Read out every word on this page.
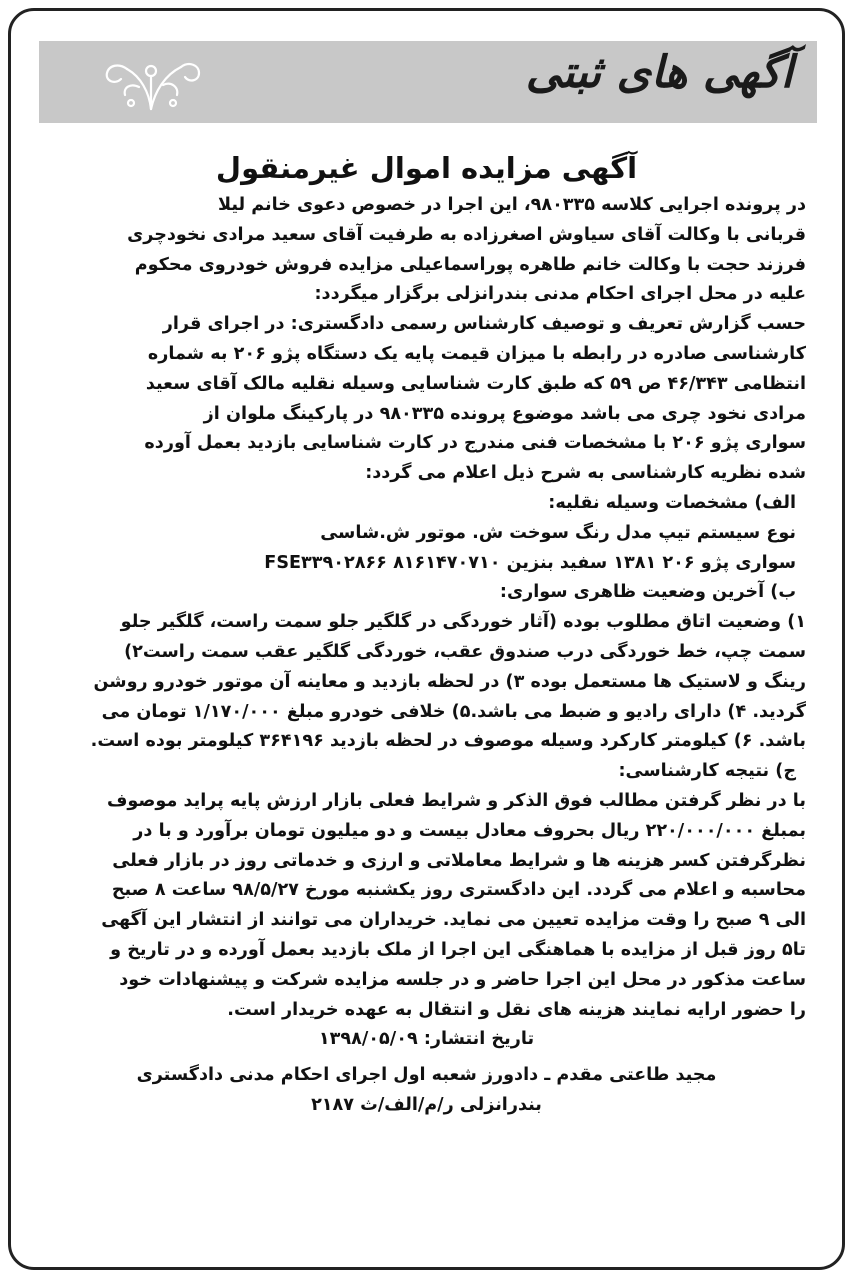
آگهی های ثبتی
آگهی مزایده اموال غیرمنقول
در پرونده اجرایی کلاسه ۹۸۰۳۳۵، این اجرا در خصوص دعوی خانم لیلا
قربانی با وکالت آقای سیاوش اصغرزاده به طرفیت آقای سعید مرادی نخودچری
فرزند حجت با وکالت خانم طاهره پوراسماعیلی مزایده فروش خودروی محکوم
علیه در محل اجرای احکام مدنی بندرانزلی برگزار میگردد:
حسب گزارش تعریف و توصیف کارشناس رسمی دادگستری: در اجرای قرار
کارشناسی صادره در رابطه با میزان قیمت پایه یک دستگاه پژو ۲۰۶ به شماره
انتظامی ۴۶/۳۴۳ ص ۵۹ که طبق کارت شناسایی وسیله نقلیه مالک آقای سعید
مرادی نخود چری می باشد موضوع پرونده ۹۸۰۳۳۵ در پارکینگ ملوان از
سواری پژو ۲۰۶ با مشخصات فنی مندرج در کارت شناسایی بازدید بعمل آورده
شده نظریه کارشناسی به شرح ذیل اعلام می گردد:
الف) مشخصات وسیله نقلیه:
نوع سیستم تیپ مدل رنگ سوخت ش. موتور ش.شاسی
سواری پژو ۲۰۶ ۱۳۸۱ سفید بنزین ۸۱۶۱۴۷۰۷۱۰ FSE۳۳۹۰۲۸۶۶
ب) آخرین وضعیت ظاهری سواری:
۱) وضعیت اتاق مطلوب بوده (آثار خوردگی در گلگیر جلو سمت راست، گلگیر جلو
سمت چپ، خط خوردگی درب صندوق عقب، خوردگی گلگیر عقب سمت راست۲)
رینگ و لاستیک ها مستعمل بوده ۳) در لحظه بازدید و معاینه آن موتور خودرو روشن
گردید. ۴) دارای رادیو و ضبط می باشد.۵) خلافی خودرو مبلغ ۱/۱۷۰/۰۰۰ تومان می
باشد. ۶) کیلومتر کارکرد وسیله موصوف در لحظه بازدید ۳۶۴۱۹۶ کیلومتر بوده است.
ج) نتیجه کارشناسی:
با در نظر گرفتن مطالب فوق الذکر و شرایط فعلی بازار ارزش پایه پراید موصوف
بمبلغ ۲۲۰/۰۰۰/۰۰۰ ریال بحروف معادل بیست و دو میلیون تومان برآورد و با در
نظرگرفتن کسر هزینه ها و شرایط معاملاتی و ارزی و خدماتی روز در بازار فعلی
محاسبه و اعلام می گردد. این دادگستری روز یکشنبه مورخ ۹۸/۵/۲۷ ساعت ۸ صبح
الی ۹ صبح را وقت مزایده تعیین می نماید. خریداران می توانند از انتشار این آگهی
تا۵ روز قبل از مزایده با هماهنگی این اجرا از ملک بازدید بعمل آورده و در تاریخ و
ساعت مذکور در محل این اجرا حاضر و در جلسه مزایده شرکت و پیشنهادات خود
را حضور ارایه نمایند هزینه های نقل و انتقال به عهده خریدار است.
تاریخ انتشار: ۱۳۹۸/۰۵/۰۹
مجید طاعتی مقدم ـ دادورز شعبه اول اجرای احکام مدنی دادگستری
بندرانزلی ر/م/الف/ث ۲۱۸۷
